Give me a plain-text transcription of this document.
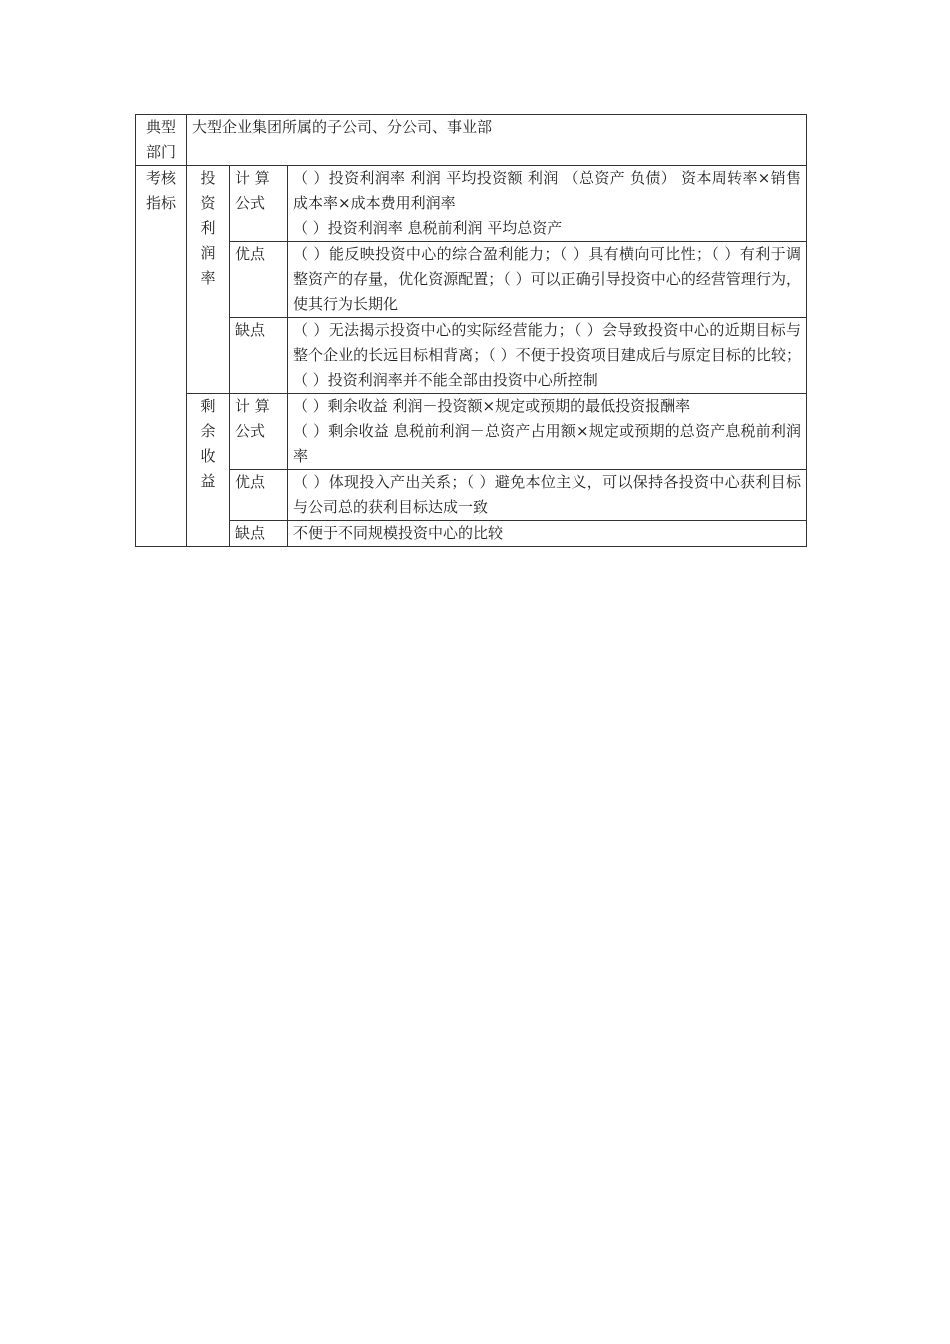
典型部门	大型企业集团所属的子公司、分公司、事业部		
考核指标	投资利润率	计 算公式	（ ）投资利润率 利润 平均投资额 利润 （总资产 负债） 资本周转率×销售成本率×成本费用利润率
（ ）投资利润率 息税前利润 平均总资产

		优点	（ ）能反映投资中心的综合盈利能力；（ ）具有横向可比性；（ ）有利于调整资产的存量，优化资源配置；（ ）可以正确引导投资中心的经营管理行为，使其行为长期化
		缺点	（ ）无法揭示投资中心的实际经营能力；（ ）会导致投资中心的近期目标与整个企业的长远目标相背离；（ ）不便于投资项目建成后与原定目标的比较；（ ）投资利润率并不能全部由投资中心所控制
	剩余收益	计 算公式	（ ）剩余收益 利润－投资额×规定或预期的最低投资报酬率
（ ）剩余收益 息税前利润－总资产占用额×规定或预期的总资产息税前利润率

		优点	（ ）体现投入产出关系；（ ）避免本位主义，可以保持各投资中心获利目标与公司总的获利目标达成一致
		缺点	不便于不同规模投资中心的比较
